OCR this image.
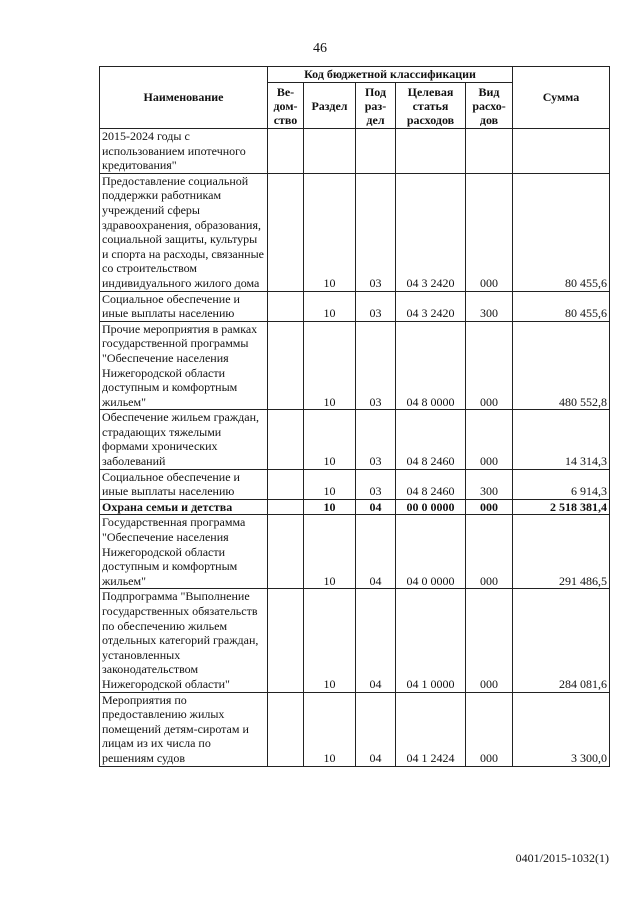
46
Наименование	Код бюджетной классификации					Сумма
	Ве- дом- ство	Раздел	Под раз- дел	Целевая статья расходов	Вид расхо- дов	
2015-2024 годы с использованием ипотечного кредитования"						
Предоставление социальной поддержки работникам учреждений сферы здравоохранения, образования, социальной защиты, культуры и спорта на расходы, связанные со строительством индивидуального жилого дома		10	03	04 3 2420	000	80 455,6
Социальное обеспечение и иные выплаты населению		10	03	04 3 2420	300	80 455,6
Прочие мероприятия в рамках государственной программы "Обеспечение населения Нижегородской области доступным и комфортным жильем"		10	03	04 8 0000	000	480 552,8
Обеспечение жильем граждан, страдающих тяжелыми формами хронических заболеваний		10	03	04 8 2460	000	14 314,3
Социальное обеспечение и иные выплаты населению		10	03	04 8 2460	300	6 914,3
Охрана семьи и детства		10	04	00 0 0000	000	2 518 381,4
Государственная программа "Обеспечение населения Нижегородской области доступным и комфортным жильем"		10	04	04 0 0000	000	291 486,5
Подпрограмма "Выполнение государственных обязательств по обеспечению жильем отдельных категорий граждан, установленных законодательством Нижегородской области"		10	04	04 1 0000	000	284 081,6
Мероприятия по предоставлению жилых помещений детям-сиротам и лицам из их числа по решениям судов		10	04	04 1 2424	000	3 300,0
0401/2015-1032(1)
